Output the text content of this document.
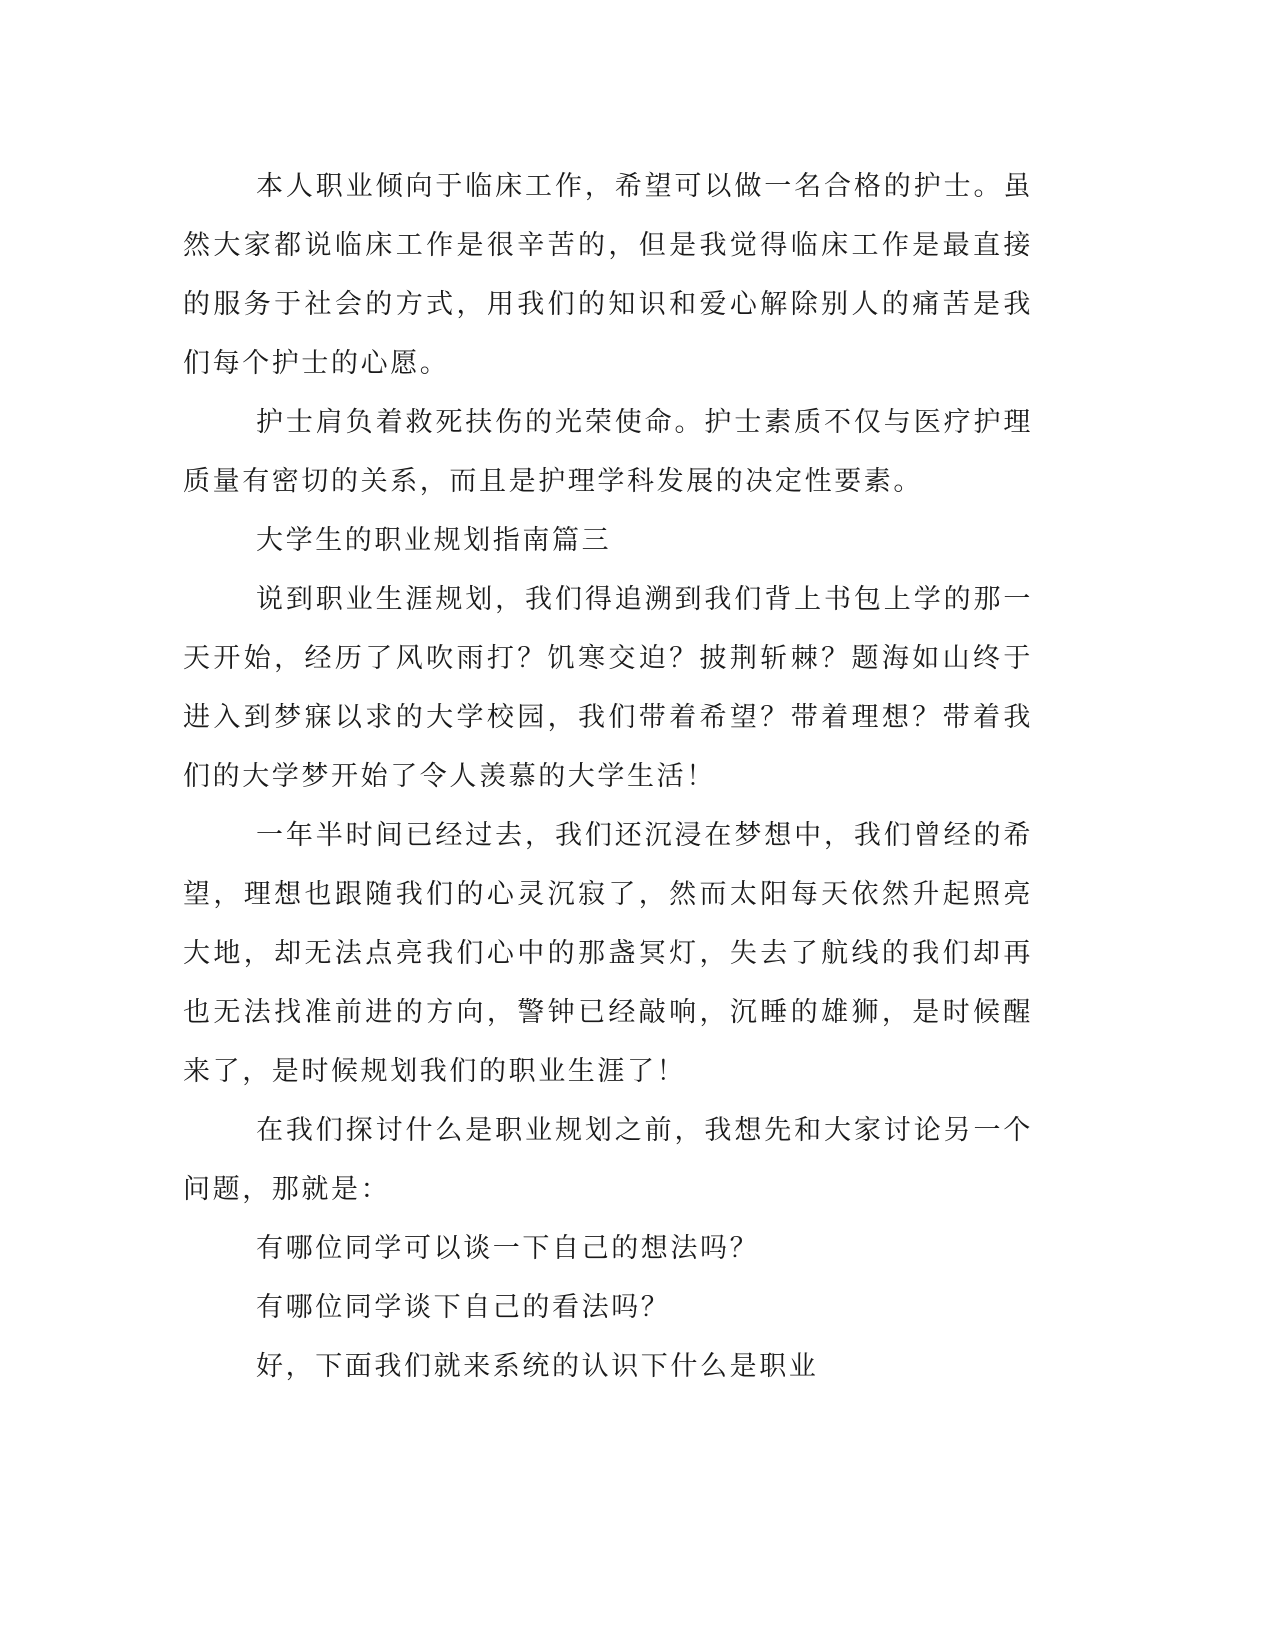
本人职业倾向于临床工作，希望可以做一名合格的护士。虽然大家都说临床工作是很辛苦的，但是我觉得临床工作是最直接的服务于社会的方式，用我们的知识和爱心解除别人的痛苦是我们每个护士的心愿。

护士肩负着救死扶伤的光荣使命。护士素质不仅与医疗护理质量有密切的关系，而且是护理学科发展的决定性要素。

大学生的职业规划指南篇三

说到职业生涯规划，我们得追溯到我们背上书包上学的那一天开始，经历了风吹雨打？饥寒交迫？披荆斩棘？题海如山终于进入到梦寐以求的大学校园，我们带着希望？带着理想？带着我们的大学梦开始了令人羡慕的大学生活！

一年半时间已经过去，我们还沉浸在梦想中，我们曾经的希望，理想也跟随我们的心灵沉寂了，然而太阳每天依然升起照亮大地，却无法点亮我们心中的那盏冥灯，失去了航线的我们却再也无法找准前进的方向，警钟已经敲响，沉睡的雄狮，是时候醒来了，是时候规划我们的职业生涯了！

在我们探讨什么是职业规划之前，我想先和大家讨论另一个问题，那就是：

有哪位同学可以谈一下自己的想法吗？

有哪位同学谈下自己的看法吗？

好，下面我们就来系统的认识下什么是职业
